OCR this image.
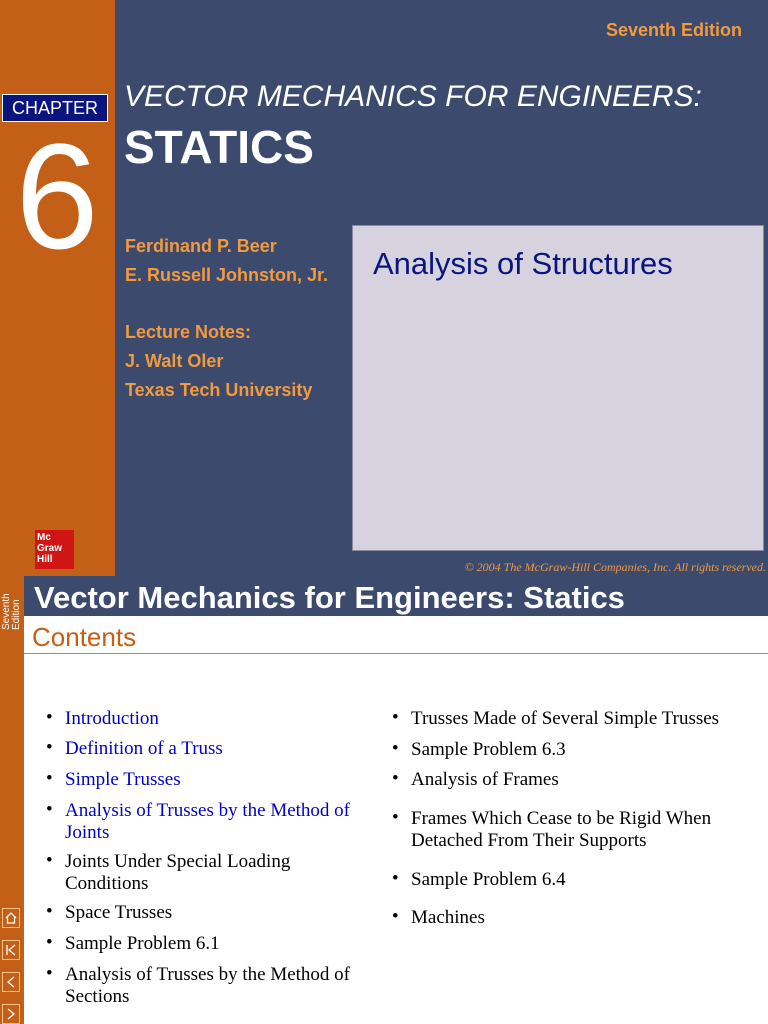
CHAPTER
6
Seventh Edition
VECTOR MECHANICS FOR ENGINEERS:
STATICS
Ferdinand P. Beer
E. Russell Johnston, Jr.
Lecture Notes:
J. Walt Oler
Texas Tech University
Analysis of Structures
Mc Graw Hill
© 2004 The McGraw-Hill Companies, Inc. All rights reserved.
Seventh Edition Vector Mechanics for Engineers: Statics
Contents
• Introduction
• Definition of a Truss
• Simple Trusses
• Analysis of Trusses by the Method of Joints
• Joints Under Special Loading Conditions
• Space Trusses
• Sample Problem 6.1
• Analysis of Trusses by the Method of Sections
• Trusses Made of Several Simple Trusses
• Sample Problem 6.3
• Analysis of Frames
• Frames Which Cease to be Rigid When Detached From Their Supports
• Sample Problem 6.4
• Machines
